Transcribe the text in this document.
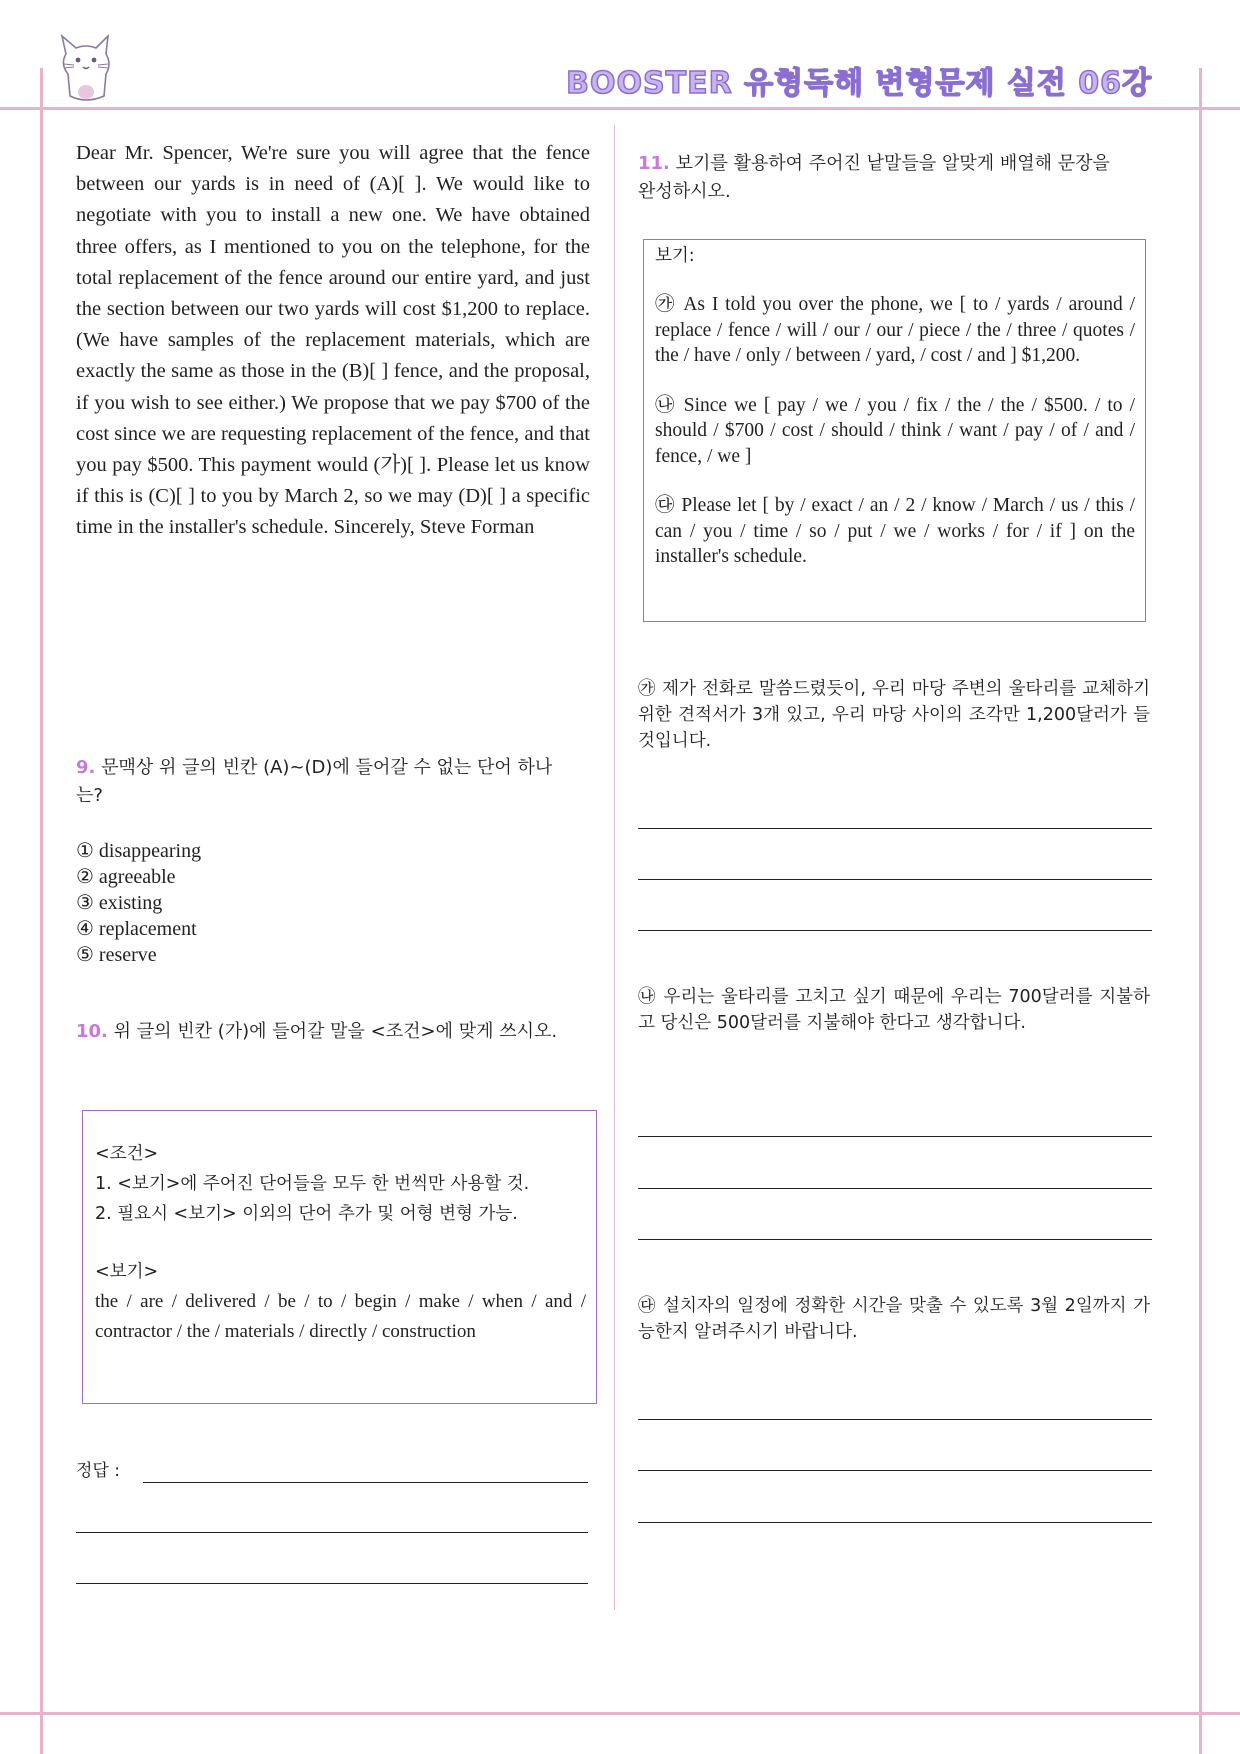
BOOSTER 유형독해 변형문제 실전 06강
Dear Mr. Spencer, We're sure you will agree that the fence between our yards is in need of (A)[ ]. We would like to negotiate with you to install a new one. We have obtained three offers, as I mentioned to you on the telephone, for the total replacement of the fence around our entire yard, and just the section between our two yards will cost $1,200 to replace. (We have samples of the replacement materials, which are exactly the same as those in the (B)[ ] fence, and the proposal, if you wish to see either.) We propose that we pay $700 of the cost since we are requesting replacement of the fence, and that you pay $500. This payment would (가)[ ]. Please let us know if this is (C)[ ] to you by March 2, so we may (D)[ ] a specific time in the installer's schedule. Sincerely, Steve Forman
9. 문맥상 위 글의 빈칸 (A)~(D)에 들어갈 수 없는 단어 하나는?
① disappearing
② agreeable
③ existing
④ replacement
⑤ reserve
10. 위 글의 빈칸 (가)에 들어갈 말을 <조건>에 맞게 쓰시오.
<조건>
1. <보기>에 주어진 단어들을 모두 한 번씩만 사용할 것.
2. 필요시 <보기> 이외의 단어 추가 및 어형 변형 가능.
<보기>
the / are / delivered / be / to / begin / make / when / and / contractor / the / materials / directly / construction
정답 :
11. 보기를 활용하여 주어진 낱말들을 알맞게 배열해 문장을 완성하시오.
보기:
㉮ As I told you over the phone, we [ to / yards / around / replace / fence / will / our / our / piece / the / three / quotes / the / have / only / between / yard, / cost / and ] $1,200.
㉯ Since we [ pay / we / you / fix / the / the / $500. / to / should / $700 / cost / should / think / want / pay / of / and / fence, / we ]
㉰ Please let [ by / exact / an / 2 / know / March / us / this / can / you / time / so / put / we / works / for / if ] on the installer's schedule.
㉮ 제가 전화로 말씀드렸듯이, 우리 마당 주변의 울타리를 교체하기 위한 견적서가 3개 있고, 우리 마당 사이의 조각만 1,200달러가 들 것입니다.
㉯ 우리는 울타리를 고치고 싶기 때문에 우리는 700달러를 지불하고 당신은 500달러를 지불해야 한다고 생각합니다.
㉰ 설치자의 일정에 정확한 시간을 맞출 수 있도록 3월 2일까지 가능한지 알려주시기 바랍니다.
